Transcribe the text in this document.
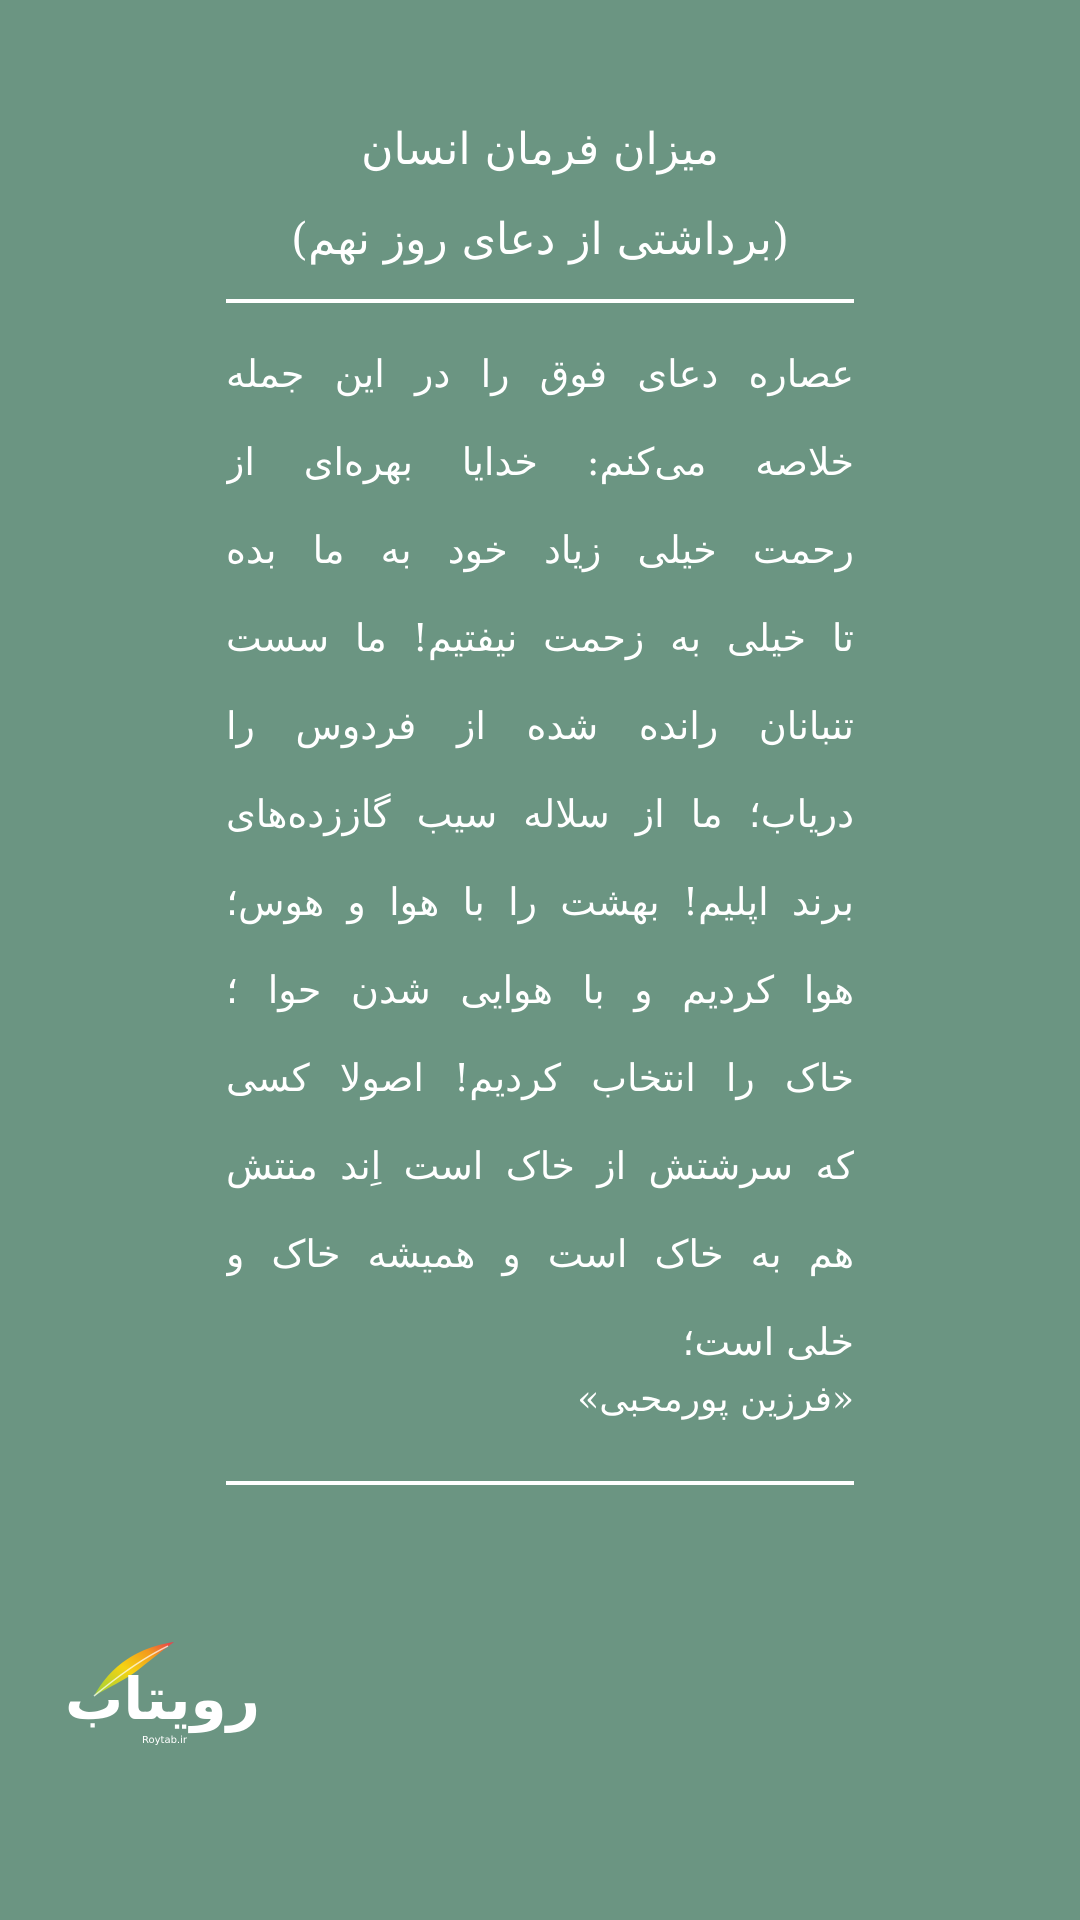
میزان فرمان انسان
(برداشتی از دعای روز نهم)
عصاره دعای فوق را در این جمله
خلاصه می‌کنم: خدایا بهره‌ای از
رحمت خیلی زیاد خود به ما بده
تا خیلی به زحمت نیفتیم! ما سست
تنبانان رانده شده از فردوس را
دریاب؛ ما از سلاله سیب گاززده‌های
برند اپلیم! بهشت را با هوا و هوس؛
هوا کردیم و با هوایی شدن حوا ؛
خاک را انتخاب کردیم! اصولا کسی
که سرشتش از خاک است اِند منتش
هم به خاک است و همیشه خاک و
خلی است؛
«فرزین پورمحبی»
رویتاب
Roytab.ir
